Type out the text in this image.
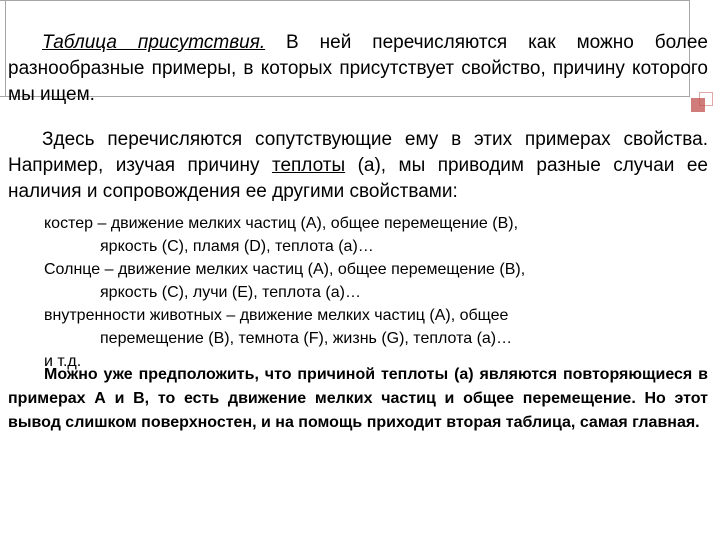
Таблица присутствия. В ней перечисляются как можно более разнообразные примеры, в которых присутствует свойство, причину которого мы ищем.

Здесь перечисляются сопутствующие ему в этих примерах свойства. Например, изучая причину теплоты (а), мы приводим разные случаи ее наличия и сопровождения ее другими свойствами:

костер – движение мелких частиц (А), общее перемещение (В),
яркость (С), пламя (D), теплота (а)…
Солнце – движение мелких частиц (А), общее перемещение (В),
яркость (С), лучи (Е), теплота (а)…
внутренности животных – движение мелких частиц (А), общее
перемещение (В), темнота (F), жизнь (G), теплота (а)…
и т.д.

Можно уже предположить, что причиной теплоты (а) являются повторяющиеся в примерах А и В, то есть движение мелких частиц и общее перемещение. Но этот вывод слишком поверхностен, и на помощь приходит вторая таблица, самая главная.
